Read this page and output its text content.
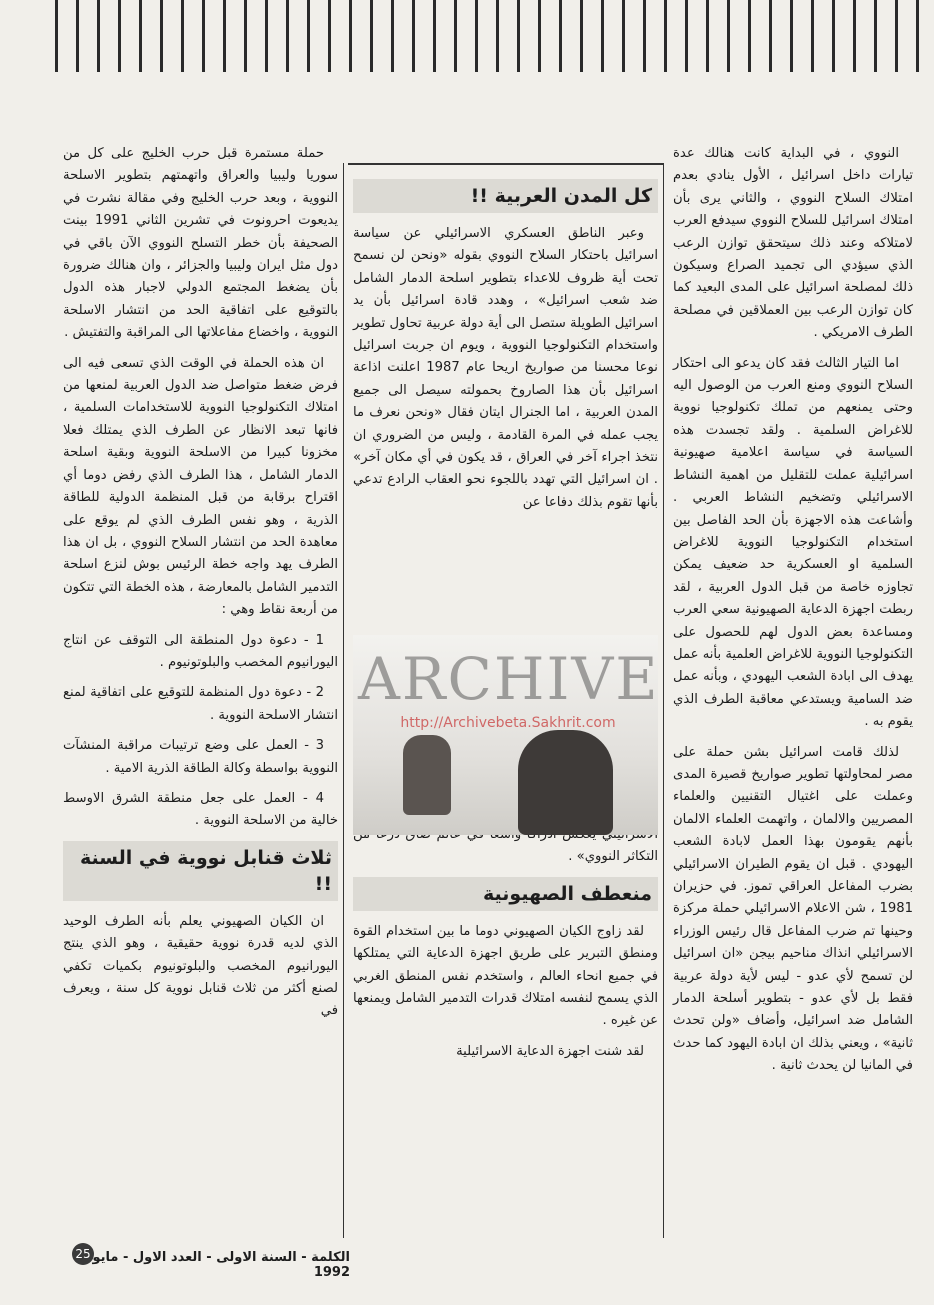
النووي ، في البداية كانت هنالك عدة تيارات داخل اسرائيل ، الأول ينادي بعدم امتلاك السلاح النووي ، والثاني يرى بأن امتلاك اسرائيل للسلاح النووي سيدفع العرب لامتلاكه وعند ذلك سيتحقق توازن الرعب الذي سيؤدي الى تجميد الصراع وسيكون ذلك لمصلحة اسرائيل على المدى البعيد كما كان توازن الرعب بين العملاقين في مصلحة الطرف الامريكي .

اما التيار الثالث فقد كان يدعو الى احتكار السلاح النووي ومنع العرب من الوصول اليه وحتى يمنعهم من تملك تكنولوجيا نووية للاغراض السلمية . ولقد تجسدت هذه السياسة في سياسة اعلامية صهيونية اسرائيلية عملت للتقليل من اهمية النشاط الاسرائيلي وتضخيم النشاط العربي . وأشاعت هذه الاجهزة بأن الحد الفاصل بين استخدام التكنولوجيا النووية للاغراض السلمية او العسكرية حد ضعيف يمكن تجاوزه خاصة من قبل الدول العربية ، لقد ربطت اجهزة الدعاية الصهيونية سعي العرب ومساعدة بعض الدول لهم للحصول على التكنولوجيا النووية للاغراض العلمية بأنه عمل يهدف الى ابادة الشعب اليهودي ، وبأنه عمل ضد السامية ويستدعي معاقبة الطرف الذي يقوم به .

لذلك قامت اسرائيل بشن حملة على مصر لمحاولتها تطوير صواريخ قصيرة المدى وعملت على اغتيال التقنيين والعلماء المصريين والالمان ، واتهمت العلماء الالمان بأنهم يقومون بهذا العمل لابادة الشعب اليهودي . قبل ان يقوم الطيران الاسرائيلي بضرب المفاعل العراقي تموز. في حزيران 1981 ، شن الاعلام الاسرائيلي حملة مركزة وحينها تم ضرب المفاعل قال رئيس الوزراء الاسرائيلي انذاك مناحيم بيجن «ان اسرائيل لن تسمح لأي عدو - ليس لأية دولة عربية فقط بل لأي عدو - بتطوير أسلحة الدمار الشامل ضد اسرائيل، وأضاف «ولن تحدث ثانية» ، ويعني بذلك ان ابادة اليهود كما حدث في المانيا لن يحدث ثانية .

كل المدن العربية !!

وعبر الناطق العسكري الاسرائيلي عن سياسة اسرائيل باحتكار السلاح النووي بقوله «ونحن لن نسمح تحت أية ظروف للاعداء بتطوير اسلحة الدمار الشامل ضد شعب اسرائيل» ، وهدد قادة اسرائيل بأن يد اسرائيل الطويلة ستصل الى أية دولة عربية تحاول تطوير واستخدام التكنولوجيا النووية ، ويوم ان جربت اسرائيل نوعا محسنا من صواريخ اريحا عام 1987 اعلنت اذاعة اسرائيل بأن هذا الصاروخ بحمولته سيصل الى جميع المدن العربية ، اما الجنرال ايتان فقال «ونحن نعرف ما يجب عمله في المرة القادمة ، وليس من الضروري ان نتخذ اجراء آخر في العراق ، قد يكون في أي مكان آخر» . ان اسرائيل التي تهدد باللجوء نحو العقاب الرادع تدعي بأنها تقوم بذلك دفاعا عن

التكاثر النووي» .

منعطف الصهيونية

لقد زاوج الكيان الصهيوني دوما ما بين استخدام القوة ومنطق التبرير على طريق اجهزة الدعاية التي يمتلكها في جميع انحاء العالم ، واستخدم نفس المنطق الغربي الذي يسمح لنفسه امتلاك قدرات التدمير الشامل ويمنعها عن غيره .

لقد شنت اجهزة الدعاية الاسرائيلية

ARCHIVE
http://Archivebeta.Sakhrit.com

حملة مستمرة قبل حرب الخليج على كل من سوريا وليبيا والعراق واتهمتهم بتطوير الاسلحة النووية ، وبعد حرب الخليج وفي مقالة نشرت في يديعوت احرونوت في تشرين الثاني 1991 بينت الصحيفة بأن خطر التسلح النووي الآن باقي في دول مثل ايران وليبيا والجزائر ، وان هنالك ضرورة بأن يضغط المجتمع الدولي لاجبار هذه الدول بالتوقيع على اتفاقية الحد من انتشار الاسلحة النووية ، واخضاع مفاعلاتها الى المراقبة والتفتيش .

ان هذه الحملة في الوقت الذي تسعى فيه الى فرض ضغط متواصل ضد الدول العربية لمنعها من امتلاك التكنولوجيا النووية للاستخدامات السلمية ، فانها تبعد الانظار عن الطرف الذي يمتلك فعلا مخزونا كبيرا من الاسلحة النووية وبقية اسلحة الدمار الشامل ، هذا الطرف الذي رفض دوما أي اقتراح برقابة من قبل المنظمة الدولية للطاقة الذرية ، وهو نفس الطرف الذي لم يوقع على معاهدة الحد من انتشار السلاح النووي ، بل ان هذا الطرف يهد واجه خطة الرئيس بوش لنزع اسلحة التدمير الشامل بالمعارضة ، هذه الخطة التي تتكون من أربعة نقاط وهي :

1 - دعوة دول المنطقة الى التوقف عن انتاج اليورانيوم المخصب والبلوتونيوم .

2 - دعوة دول المنظمة للتوقيع على اتفاقية لمنع انتشار الاسلحة النووية .

3 - العمل على وضع ترتيبات مراقبة المنشآت النووية بواسطة وكالة الطاقة الذرية الامية .

4 - العمل على جعل منطقة الشرق الاوسط خالية من الاسلحة النووية .

ثلاث قنابل نووية في السنة !!

ان الكيان الصهيوني يعلم بأنه الطرف الوحيد الذي لديه قدرة نووية حقيقية ، وهو الذي ينتج اليورانيوم المخصب والبلوتونيوم بكميات تكفي لصنع أكثر من ثلاث قنابل نووية كل سنة ، ويعرف في

25 الكلمة - السنة الاولى - العدد الاول - مايو 1992
